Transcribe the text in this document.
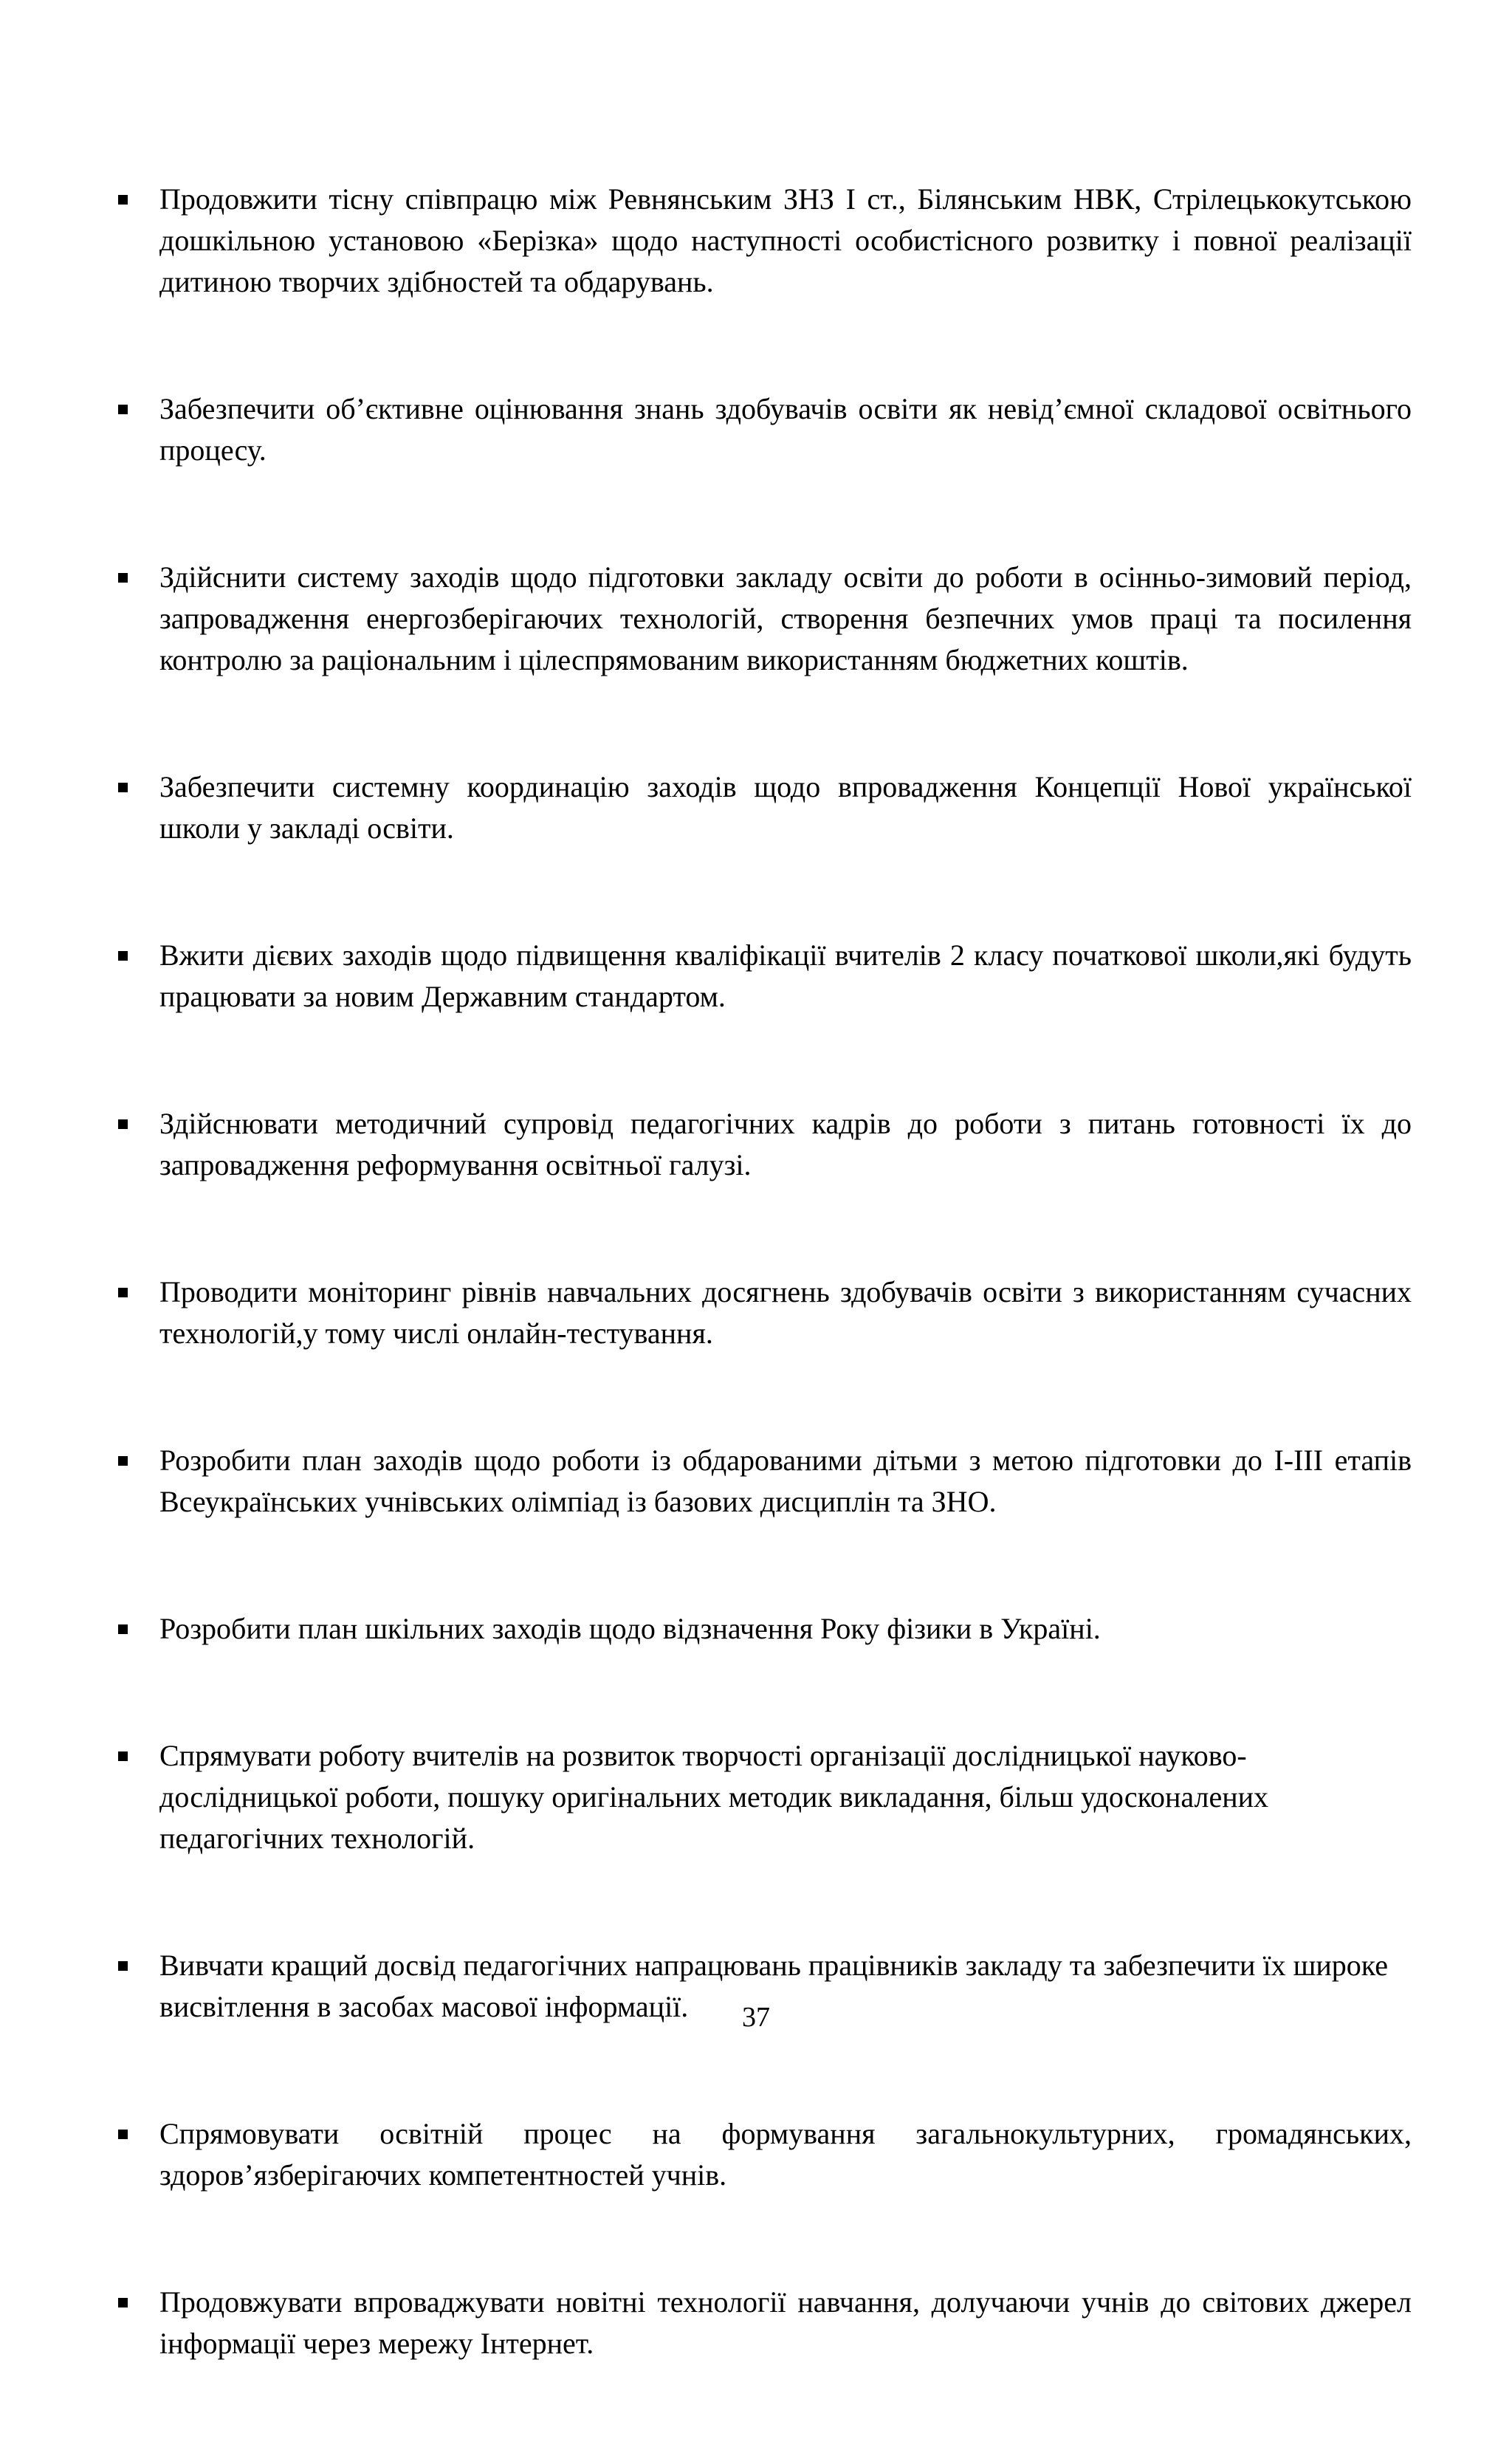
Продовжити тісну співпрацю між Ревнянським ЗНЗ І ст., Білянським НВК, Стрілецькокутською дошкільною установою «Берізка» щодо наступності особистісного розвитку і повної реалізації дитиною творчих здібностей та обдарувань.
Забезпечити об’єктивне оцінювання знань здобувачів освіти як невід’ємної складової освітнього процесу.
Здійснити систему заходів щодо підготовки закладу освіти до роботи в осінньо-зимовий період, запровадження енергозберігаючих технологій, створення безпечних умов праці та посилення контролю за раціональним і цілеспрямованим використанням бюджетних коштів.
Забезпечити системну координацію заходів щодо впровадження Концепції Нової української школи у закладі освіти.
Вжити дієвих заходів щодо підвищення кваліфікації вчителів 2 класу початкової школи,які будуть працювати за новим Державним стандартом.
Здійснювати методичний супровід педагогічних кадрів до роботи з питань готовності їх до запровадження реформування освітньої галузі.
Проводити моніторинг рівнів навчальних досягнень здобувачів освіти з використанням сучасних технологій,у тому числі онлайн-тестування.
Розробити план заходів щодо роботи із обдарованими дітьми з метою підготовки до І-ІІІ етапів Всеукраїнських учнівських олімпіад із базових дисциплін та ЗНО.
Розробити план шкільних заходів щодо відзначення Року фізики в Україні.
Спрямувати роботу вчителів на розвиток творчості організації дослідницької науково-дослідницької роботи, пошуку оригінальних методик викладання, більш удосконалених педагогічних технологій.
Вивчати кращий досвід педагогічних напрацювань працівників закладу та забезпечити їх широке висвітлення в засобах масової інформації.
Спрямовувати освітній процес на формування загальнокультурних, громадянських, здоров’язберігаючих компетентностей учнів.
Продовжувати впроваджувати новітні технології навчання, долучаючи учнів до світових джерел інформації через мережу Інтернет.
37
